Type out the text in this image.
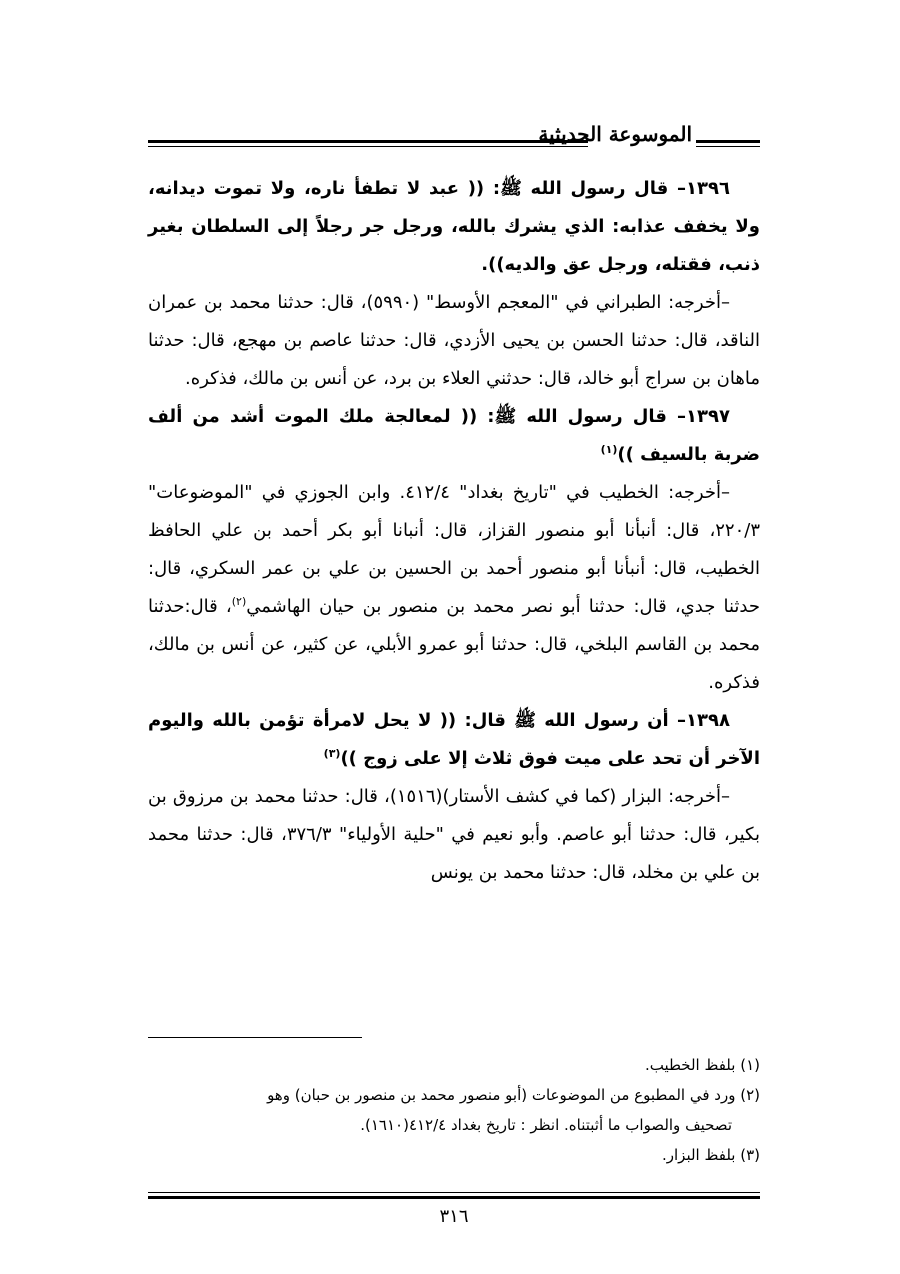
الموسوعة الحديثية

١٣٩٦– قال رسول الله ﷺ: (( عبد لا تطفأ ناره، ولا تموت ديدانه، ولا يخفف عذابه: الذي يشرك بالله، ورجل جر رجلاً إلى السلطان بغير ذنب، فقتله، ورجل عق والديه)).

–أخرجه: الطبراني في "المعجم الأوسط" (٥٩٩٠)، قال: حدثنا محمد بن عمران الناقد، قال: حدثنا الحسن بن يحيى الأزدي، قال: حدثنا عاصم بن مهجع، قال: حدثنا ماهان بن سراج أبو خالد، قال: حدثني العلاء بن برد، عن أنس بن مالك، فذكره.

١٣٩٧– قال رسول الله ﷺ: (( لمعالجة ملك الموت أشد من ألف ضربة بالسيف ))$^{(١)}$

–أخرجه: الخطيب في "تاريخ بغداد" ٤١٢/٤. وابن الجوزي في "الموضوعات" ٢٢٠/٣، قال: أنبأنا أبو منصور القزاز، قال: أنبانا أبو بكر أحمد بن علي الحافظ الخطيب، قال: أنبأنا أبو منصور أحمد بن الحسين بن علي بن عمر السكري، قال: حدثنا جدي، قال: حدثنا أبو نصر محمد بن منصور بن حيان الهاشمي$^{(٢)}$، قال:حدثنا محمد بن القاسم البلخي، قال: حدثنا أبو عمرو الأبلي، عن كثير، عن أنس بن مالك، فذكره.

١٣٩٨– أن رسول الله ﷺ قال: (( لا يحل لامرأة تؤمن بالله واليوم الآخر أن تحد على ميت فوق ثلاث إلا على زوج ))$^{(٣)}$

–أخرجه: البزار (كما في كشف الأستار)(١٥١٦)، قال: حدثنا محمد بن مرزوق بن بكير، قال: حدثنا أبو عاصم. وأبو نعيم في "حلية الأولياء" ٣٧٦/٣، قال: حدثنا محمد بن علي بن مخلد، قال: حدثنا محمد بن يونس

(١) بلفظ الخطيب.

(٢) ورد في المطبوع من الموضوعات (أبو منصور محمد بن منصور بن حبان) وهو

تصحيف والصواب ما أثبتناه. انظر : تاريخ بغداد ٤١٢/٤(١٦١٠).

(٣) بلفظ البزار.

٣١٦
